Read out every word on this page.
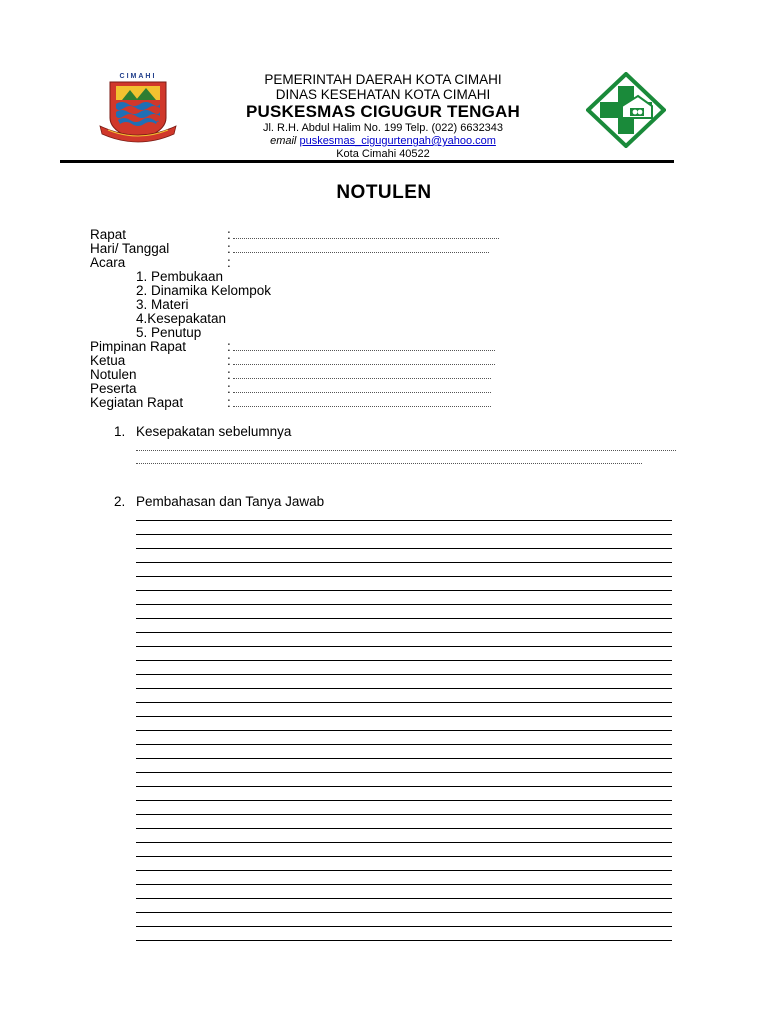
CIMAHI	PEMERINTAH DAERAH KOTA CIMAHI
DINAS KESEHATAN KOTA CIMAHI
PUSKESMAS CIGUGUR TENGAH
Jl. R.H. Abdul Halim No. 199 Telp. (022) 6632343
email puskesmas_cigugurtengah@yahoo.com
Kota Cimahi 40522
NOTULEN
Rapat	:
Hari/ Tanggal	:
Acara	:
1. Pembukaan
2. Dinamika Kelompok
3. Materi
4.Kesepakatan
5. Penutup
Pimpinan Rapat	:
Ketua	:
Notulen	:
Peserta	:
Kegiatan Rapat	:
1. Kesepakatan sebelumnya
2. Pembahasan dan Tanya Jawab
